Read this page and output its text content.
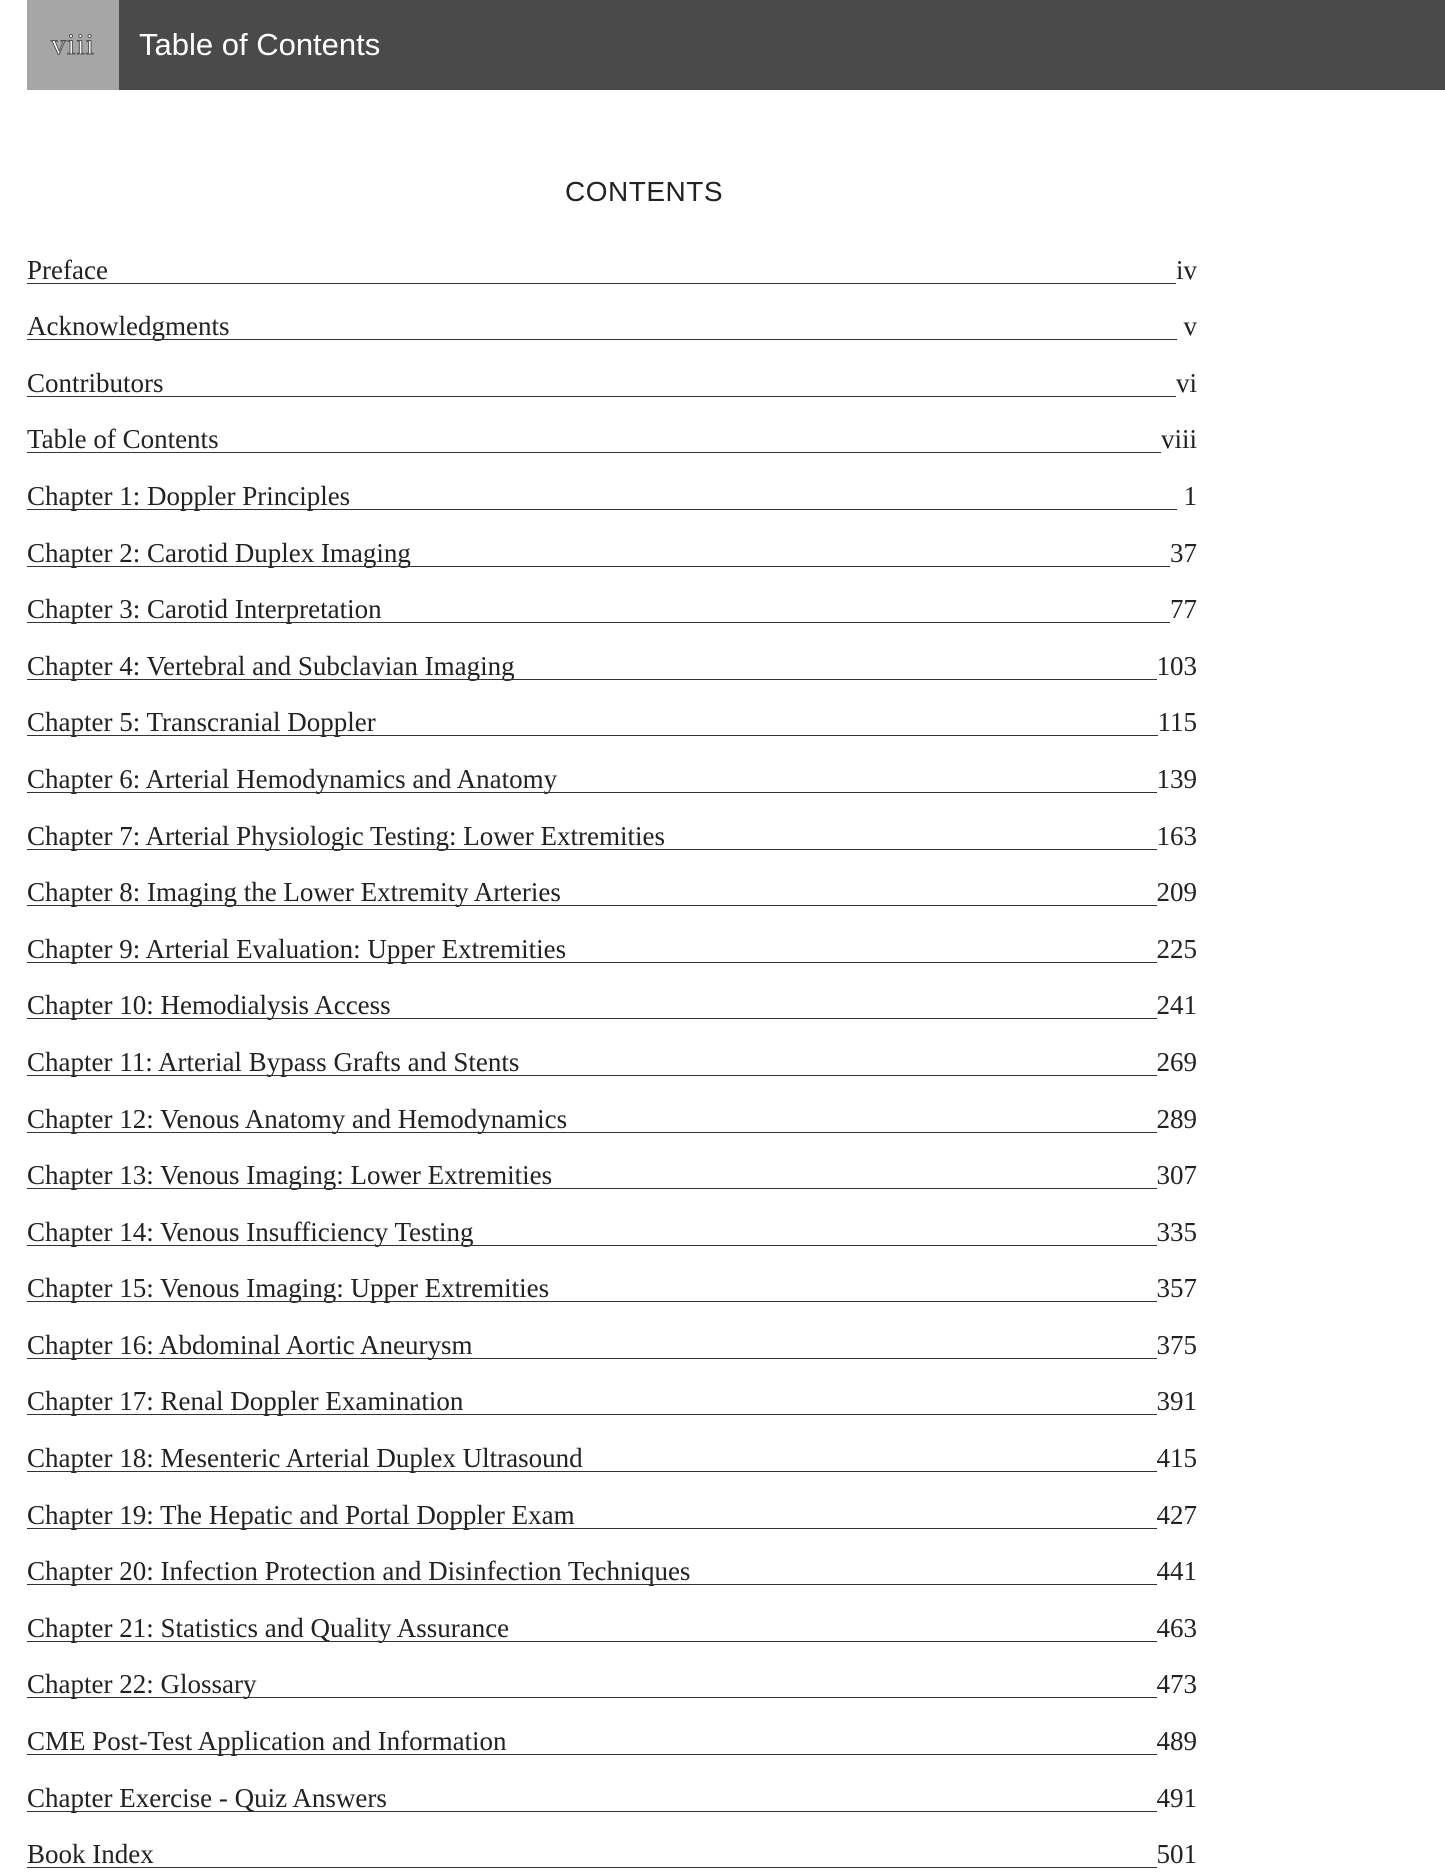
viii	Table of Contents
CONTENTS
Preface	iv
Acknowledgments	v
Contributors	vi
Table of Contents	viii
Chapter 1: Doppler Principles	1
Chapter 2: Carotid Duplex Imaging	37
Chapter 3: Carotid Interpretation	77
Chapter 4: Vertebral and Subclavian Imaging	103
Chapter 5: Transcranial Doppler	115
Chapter 6: Arterial Hemodynamics and Anatomy	139
Chapter 7: Arterial Physiologic Testing: Lower Extremities	163
Chapter 8: Imaging the Lower Extremity Arteries	209
Chapter 9: Arterial Evaluation: Upper Extremities	225
Chapter 10: Hemodialysis Access	241
Chapter 11: Arterial Bypass Grafts and Stents	269
Chapter 12: Venous Anatomy and Hemodynamics	289
Chapter 13: Venous Imaging: Lower Extremities	307
Chapter 14: Venous Insufficiency Testing	335
Chapter 15: Venous Imaging: Upper Extremities	357
Chapter 16: Abdominal Aortic Aneurysm	375
Chapter 17: Renal Doppler Examination	391
Chapter 18: Mesenteric Arterial Duplex Ultrasound	415
Chapter 19: The Hepatic and Portal Doppler Exam	427
Chapter 20: Infection Protection and Disinfection Techniques	441
Chapter 21: Statistics and Quality Assurance	463
Chapter 22: Glossary	473
CME Post-Test Application and Information	489
Chapter Exercise - Quiz Answers	491
Book Index	501
